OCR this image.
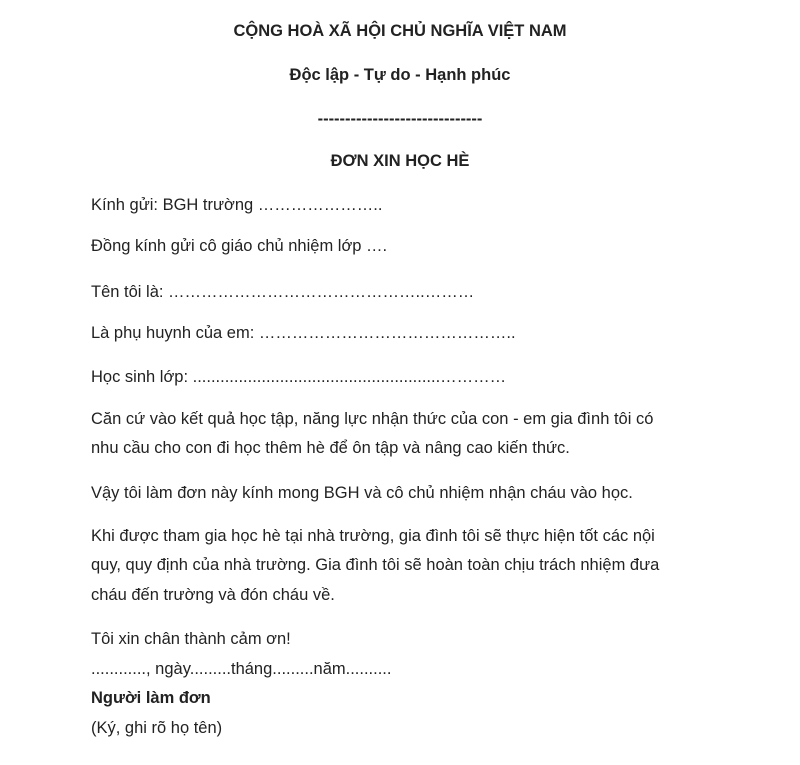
CỘNG HOÀ XÃ HỘI CHỦ NGHĨA VIỆT NAM
Độc lập - Tự do - Hạnh phúc
------------------------------
ĐƠN XIN HỌC HÈ
Kính gửi: BGH trường …………………..
Đồng kính gửi cô giáo chủ nhiệm lớp ….
Tên tôi là: ………………………………………..………
Là phụ huynh của em: ………………………………………..
Học sinh lớp: ......................................................…………
Căn cứ vào kết quả học tập, năng lực nhận thức của con - em gia đình tôi có
nhu cầu cho con đi học thêm hè để ôn tập và nâng cao kiến thức.
Vậy tôi làm đơn này kính mong BGH và cô chủ nhiệm nhận cháu vào học.
Khi được tham gia học hè tại nhà trường, gia đình tôi sẽ thực hiện tốt các nội
quy, quy định của nhà trường. Gia đình tôi sẽ hoàn toàn chịu trách nhiệm đưa
cháu đến trường và đón cháu về.
Tôi xin chân thành cảm ơn!
............, ngày.........tháng.........năm..........
Người làm đơn
(Ký, ghi rõ họ tên)
